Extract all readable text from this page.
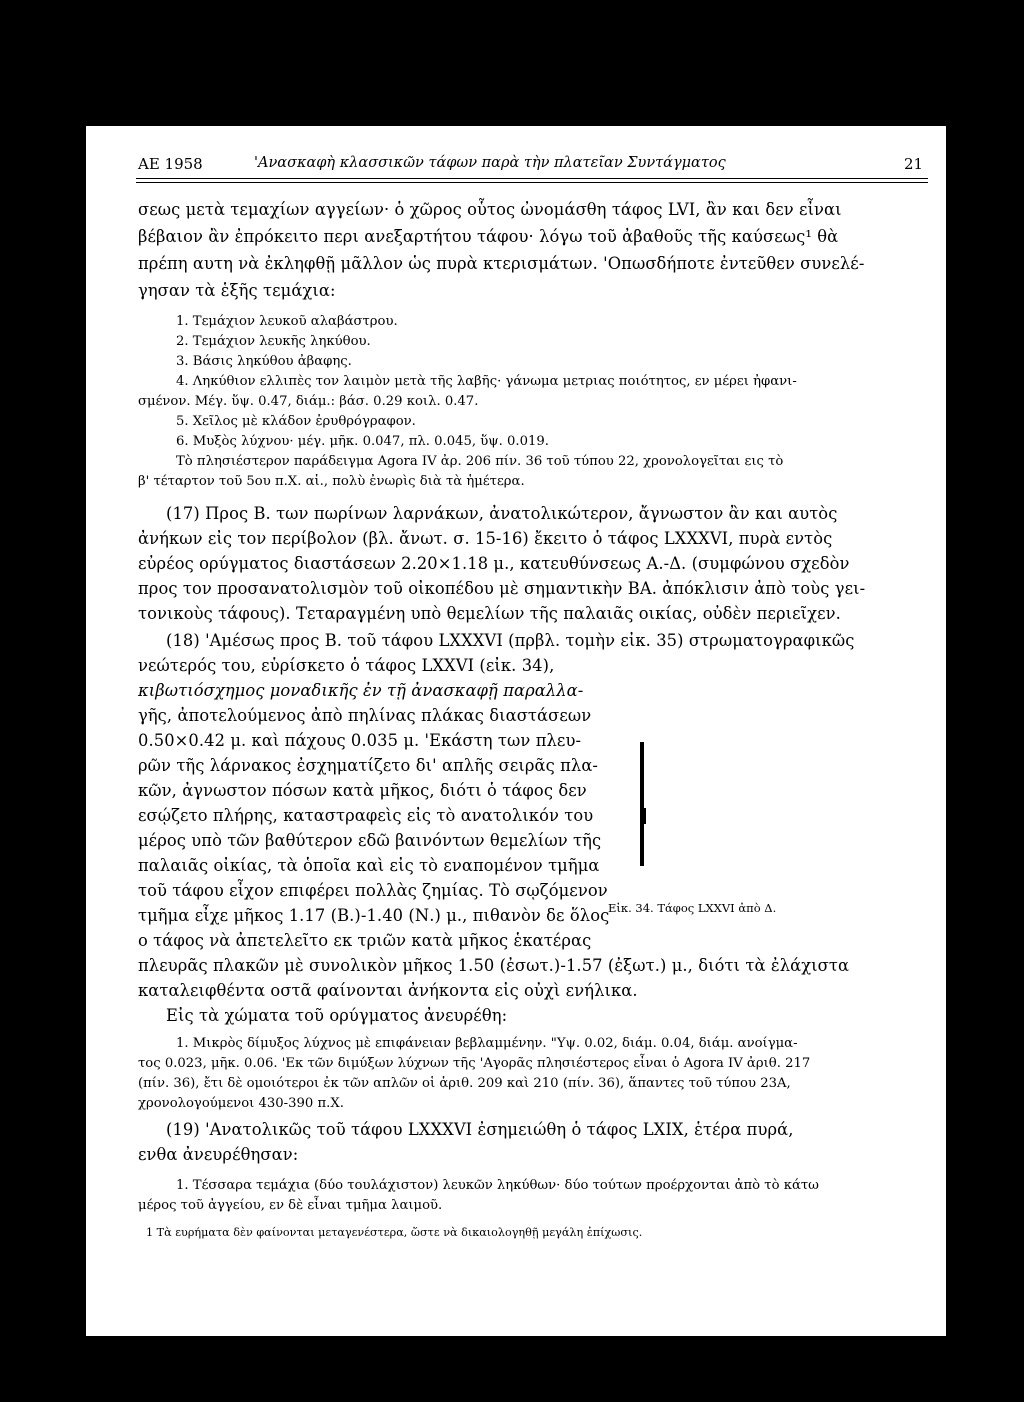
ΑΕ 1958	'Ανασκαφὴ κλασσικῶν τάφων παρὰ τὴν πλατεῖαν Συντάγματος	21
σεως μετὰ τεμαχίων αγγείων· ὁ χῶρος οὗτος ὠνομάσθη τάφος LVI, ἂν και δεν εἶναι
βέβαιον ἂν ἐπρόκειτο περι ανεξαρτήτου τάφου· λόγω τοῦ ἀβαθοῦς τῆς καύσεως¹ θὰ
πρέπη αυτη νὰ ἐκληφθῇ μᾶλλον ὡς πυρὰ κτερισμάτων. 'Οπωσδήποτε ἐντεῦθεν συνελέ-
γησαν τὰ ἑξῆς τεμάχια:
1. Τεμάχιον λευκοῦ αλαβάστρου.
2. Τεμάχιον λευκῆς ληκύθου.
3. Βάσις ληκύθου ἀβαφης.
4. Ληκύθιον ελλιπὲς τον λαιμὸν μετὰ τῆς λαβῆς· γάνωμα μετριας ποιότητος, εν μέρει ἠφανι-
σμένον. Μέγ. ὕψ. 0.47, διάμ.: βάσ. 0.29 κοιλ. 0.47.
5. Χεῖλος μὲ κλάδον ἐρυθρόγραφον.
6. Μυξὸς λύχνου· μέγ. μῆκ. 0.047, πλ. 0.045, ὕψ. 0.019.
Τὸ πλησιέστερον παράδειγμα Agora IV ἀρ. 206 πίν. 36 τοῦ τύπου 22, χρονολογεῖται εις τὸ
β' τέταρτον τοῦ 5ου π.Χ. αἱ., πολὺ ἐνωρὶς διὰ τὰ ἡμέτερα.
(17) Προς Β. των πωρίνων λαρνάκων, ἀνατολικώτερον, ἄγνωστον ἂν και αυτὸς
ἀνήκων εἰς τον περίβολον (βλ. ἄνωτ. σ. 15-16) ἔκειτο ὁ τάφος LXXXVI, πυρὰ εντὸς
εὐρέος ορύγματος διαστάσεων 2.20×1.18 μ., κατευθύνσεως Α.-Δ. (συμφώνου σχεδὸν
προς τον προσανατολισμὸν τοῦ οἰκοπέδου μὲ σημαντικὴν ΒΑ. ἀπόκλισιν ἀπὸ τοὺς γει-
τονικοὺς τάφους). Τεταραγμένη υπὸ θεμελίων τῆς παλαιᾶς οικίας, οὐδὲν περιεῖχεν.
(18) 'Αμέσως προς Β. τοῦ τάφου LXXXVI (πρβλ. τομὴν εἰκ. 35) στρωματογραφικῶς
νεώτερός του, εὑρίσκετο ὁ τάφος LXXVI (εἰκ. 34),
κιβωτιόσχημος μοναδικῆς ἐν τῇ ἀνασκαφῇ παραλλα-
γῆς, ἀποτελούμενος ἀπὸ πηλίνας πλάκας διαστάσεων
0.50×0.42 μ. καὶ πάχους 0.035 μ. 'Εκάστη των πλευ-
ρῶν τῆς λάρνακος ἐσχηματίζετο δι' απλῆς σειρᾶς πλα-
κῶν, ἀγνωστον πόσων κατὰ μῆκος, διότι ὁ τάφος δεν
εσῴζετο πλήρης, καταστραφεὶς εἰς τὸ ανατολικόν του
μέρος υπὸ τῶν βαθύτερον εδῶ βαινόντων θεμελίων τῆς
παλαιᾶς οἰκίας, τὰ ὁποῖα καὶ εἰς τὸ εναπομένον τμῆμα
τοῦ τάφου εἶχον επιφέρει πολλὰς ζημίας. Τὸ σῳζόμενον
τμῆμα εἶχε μῆκος 1.17 (Β.)-1.40 (Ν.) μ., πιθανὸν δε ὅλος
ο τάφος νὰ ἀπετελεῖτο εκ τριῶν κατὰ μῆκος ἑκατέρας
πλευρᾶς πλακῶν μὲ συνολικὸν μῆκος 1.50 (ἐσωτ.)-1.57 (ἐξωτ.) μ., διότι τὰ ἐλάχιστα
καταλειφθέντα οστᾶ φαίνονται ἀνήκοντα εἰς οὐχὶ ενήλικα.
Εἰς τὰ χώματα τοῦ ορύγματος ἀνευρέθη:
Εἰκ. 34. Τάφος LXXVI ἀπὸ Δ.
1. Μικρὸς δίμυξος λύχνος μὲ επιφάνειαν βεβλαμμένην. "Υψ. 0.02, διάμ. 0.04, διάμ. ανοίγμα-
τος 0.023, μῆκ. 0.06. 'Εκ τῶν διμύξων λύχνων τῆς 'Αγορᾶς πλησιέστερος εἶναι ὁ Agora IV ἀριθ. 217
(πίν. 36), ἔτι δὲ ομοιότεροι ἐκ τῶν απλῶν οἱ ἀριθ. 209 καὶ 210 (πίν. 36), ἅπαντες τοῦ τύπου 23Α,
χρονολογούμενοι 430-390 π.Χ.
(19) 'Ανατολικῶς τοῦ τάφου LXXXVI ἐσημειώθη ὁ τάφος LXIX, ἑτέρα πυρά,
ενθα ἀνευρέθησαν:
1. Τέσσαρα τεμάχια (δύο τουλάχιστον) λευκῶν ληκύθων· δύο τούτων προέρχονται ἀπὸ τὸ κάτω
μέρος τοῦ ἀγγείου, εν δὲ εἶναι τμῆμα λαιμοῦ.
1 Τὰ ευρήματα δὲν φαίνονται μεταγενέστερα, ὥστε νὰ δικαιολογηθῇ μεγάλη ἐπίχωσις.
